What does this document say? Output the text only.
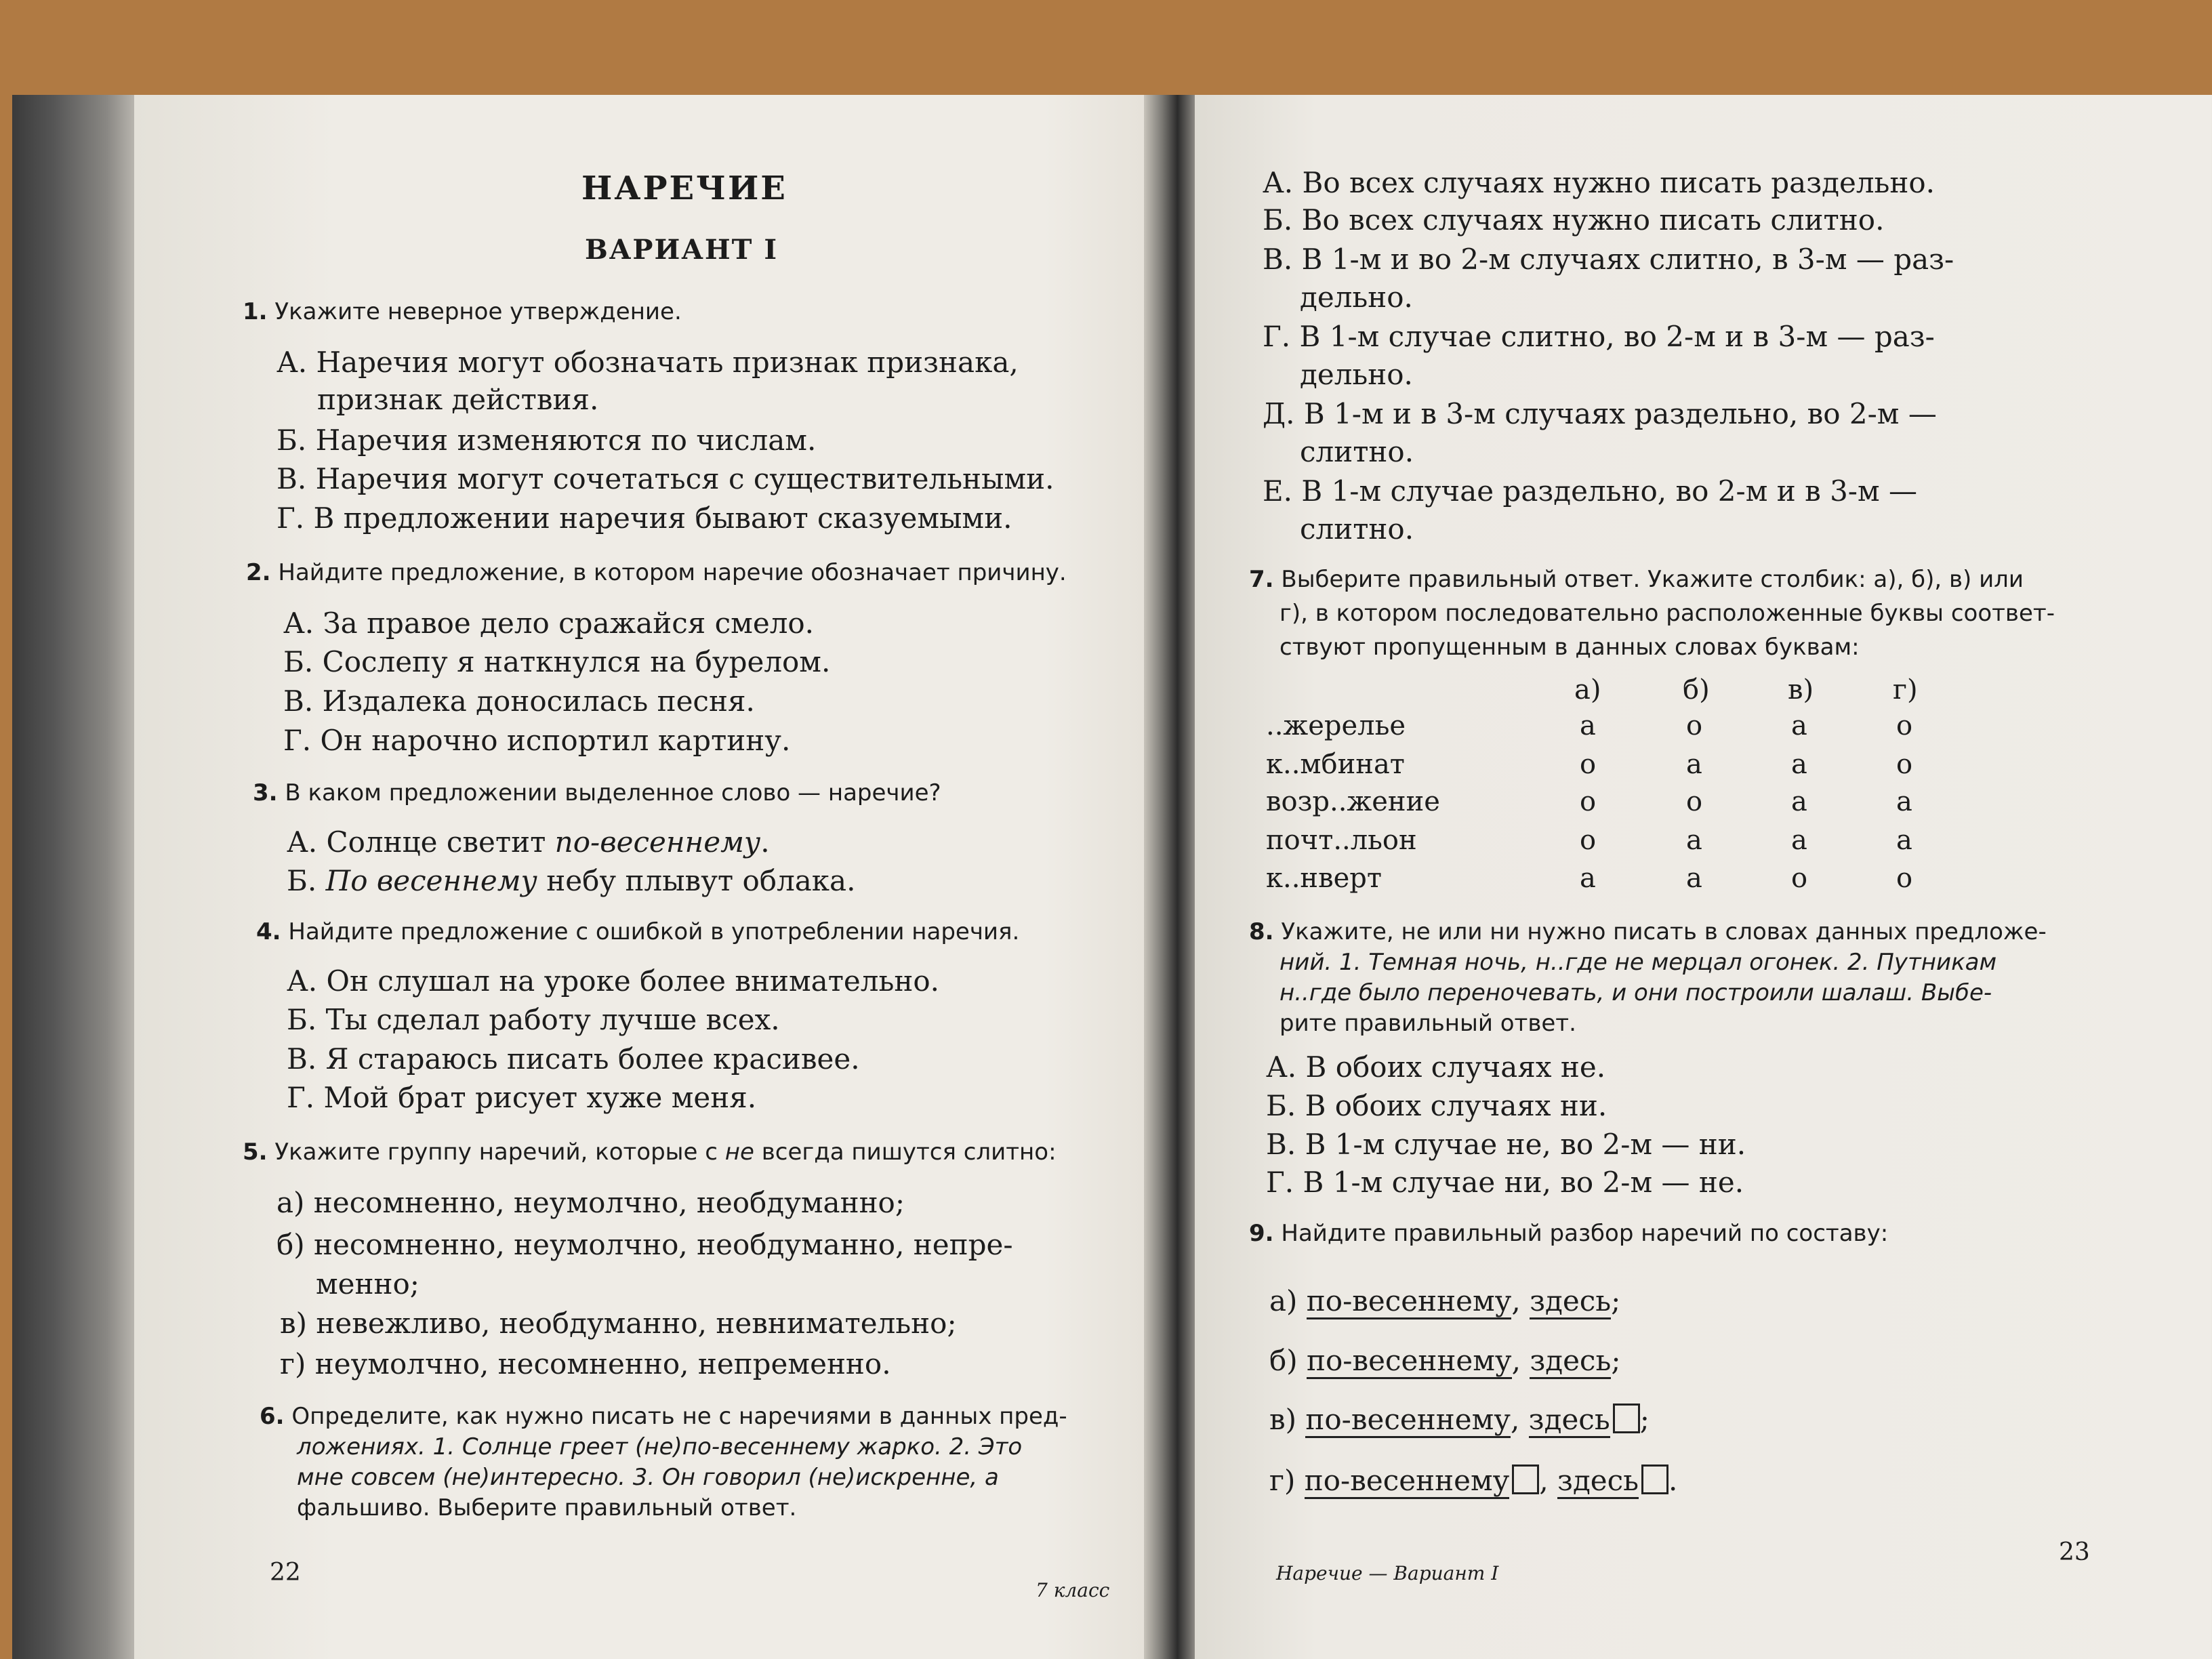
НАРЕЧИЕ
ВАРИАНТ I
1. Укажите неверное утверждение.
А. Наречия могут обозначать признак признака,
признак действия.
Б. Наречия изменяются по числам.
В. Наречия могут сочетаться с существительными.
Г. В предложении наречия бывают сказуемыми.
2. Найдите предложение, в котором наречие обозначает причину.
А. За правое дело сражайся смело.
Б. Сослепу я наткнулся на бурелом.
В. Издалека доносилась песня.
Г. Он нарочно испортил картину.
3. В каком предложении выделенное слово — наречие?
А. Солнце светит по-весеннему.
Б. По весеннему небу плывут облака.
4. Найдите предложение с ошибкой в употреблении наречия.
А. Он слушал на уроке более внимательно.
Б. Ты сделал работу лучше всех.
В. Я стараюсь писать более красивее.
Г. Мой брат рисует хуже меня.
5. Укажите группу наречий, которые с не всегда пишутся слитно:
а) несомненно, неумолчно, необдуманно;
б) несомненно, неумолчно, необдуманно, непре-
менно;
в) невежливо, необдуманно, невнимательно;
г) неумолчно, несомненно, непременно.
6. Определите, как нужно писать не с наречиями в данных пред-
ложениях. 1. Солнце греет (не)по-весеннему жарко. 2. Это
мне совсем (не)интересно. 3. Он говорил (не)искренне, а
фальшиво. Выберите правильный ответ.
22
7 класс
А. Во всех случаях нужно писать раздельно.
Б. Во всех случаях нужно писать слитно.
В. В 1-м и во 2-м случаях слитно, в 3-м — раз-
дельно.
Г. В 1-м случае слитно, во 2-м и в 3-м — раз-
дельно.
Д. В 1-м и в 3-м случаях раздельно, во 2-м —
слитно.
Е. В 1-м случае раздельно, во 2-м и в 3-м —
слитно.
7. Выберите правильный ответ. Укажите столбик: а), б), в) или
г), в котором последовательно расположенные буквы соответ-
ствуют пропущенным в данных словах буквам:
а)	б)	в)	г)
..жерелье	а	о	а	о
к..мбинат	о	а	а	о
возр..жение	о	о	а	а
почт..льон	о	а	а	а
к..нверт	а	а	о	о
8. Укажите, не или ни нужно писать в словах данных предложе-
ний. 1. Темная ночь, н..где не мерцал огонек. 2. Путникам
н..где было переночевать, и они построили шалаш. Выбе-
рите правильный ответ.
А. В обоих случаях не.
Б. В обоих случаях ни.
В. В 1-м случае не, во 2-м — ни.
Г. В 1-м случае ни, во 2-м — не.
9. Найдите правильный разбор наречий по составу:
а) по-весеннему, здесь;
б) по-весеннему, здесь;
в) по-весеннему, здесь ;
г) по-весеннему , здесь .
Наречие — Вариант I
23
